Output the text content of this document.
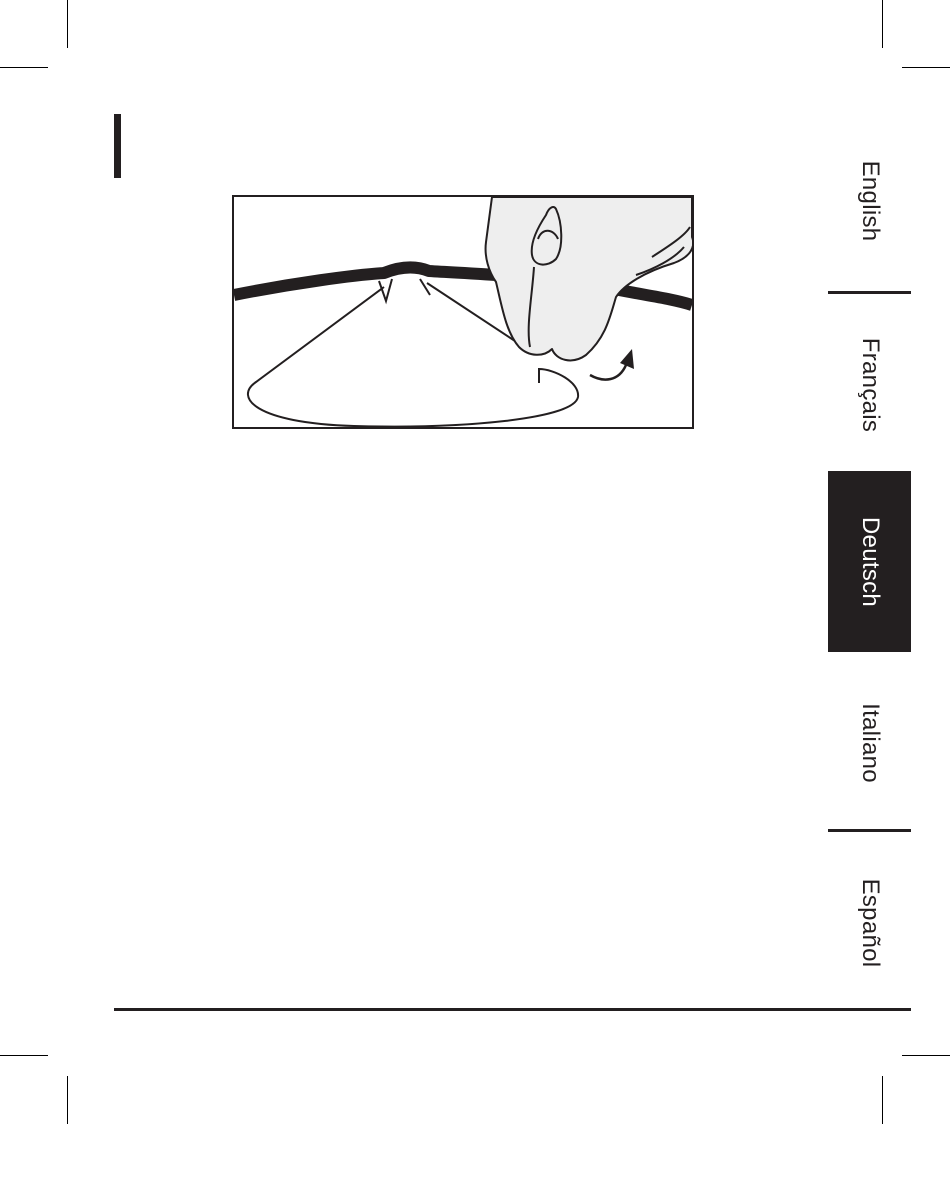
English
Français
Deutsch
Italiano
Español
